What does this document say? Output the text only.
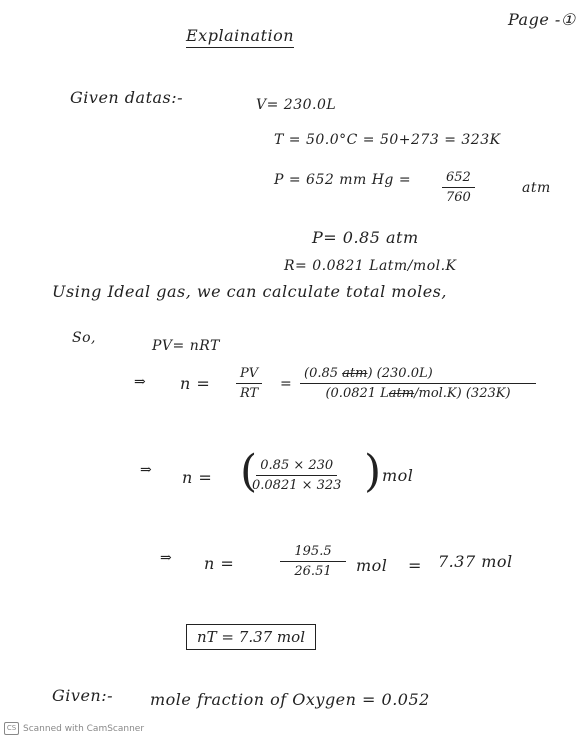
Page -①
Explaination
Given datas:-	V= 230.0L
T = 50.0°C = 50+273 = 323K
P = 652 mm $Hg = \frac{652}{760}$	atm
P= 0.85 atm
R= 0.0821 Latm/mol.K
Using Ideal gas, we can calculate total moles,
So,	PV= nRT
⇒ $n = \frac{PV}{RT}$ =
(0.85 atm) (230.0L)
(0.0821 Latm/mol.K) (323K)
⇒ n = (
$\frac{0.85 \times 230}{0.0821 \times 323}$ ) mol
⇒ n =	$\frac{195.5}{26.51}$ mol = 7.37 mol
nT = 7.37 mol
Given:- mole fraction of Oxygen = 0.052
CS Scanned with CamScanner
